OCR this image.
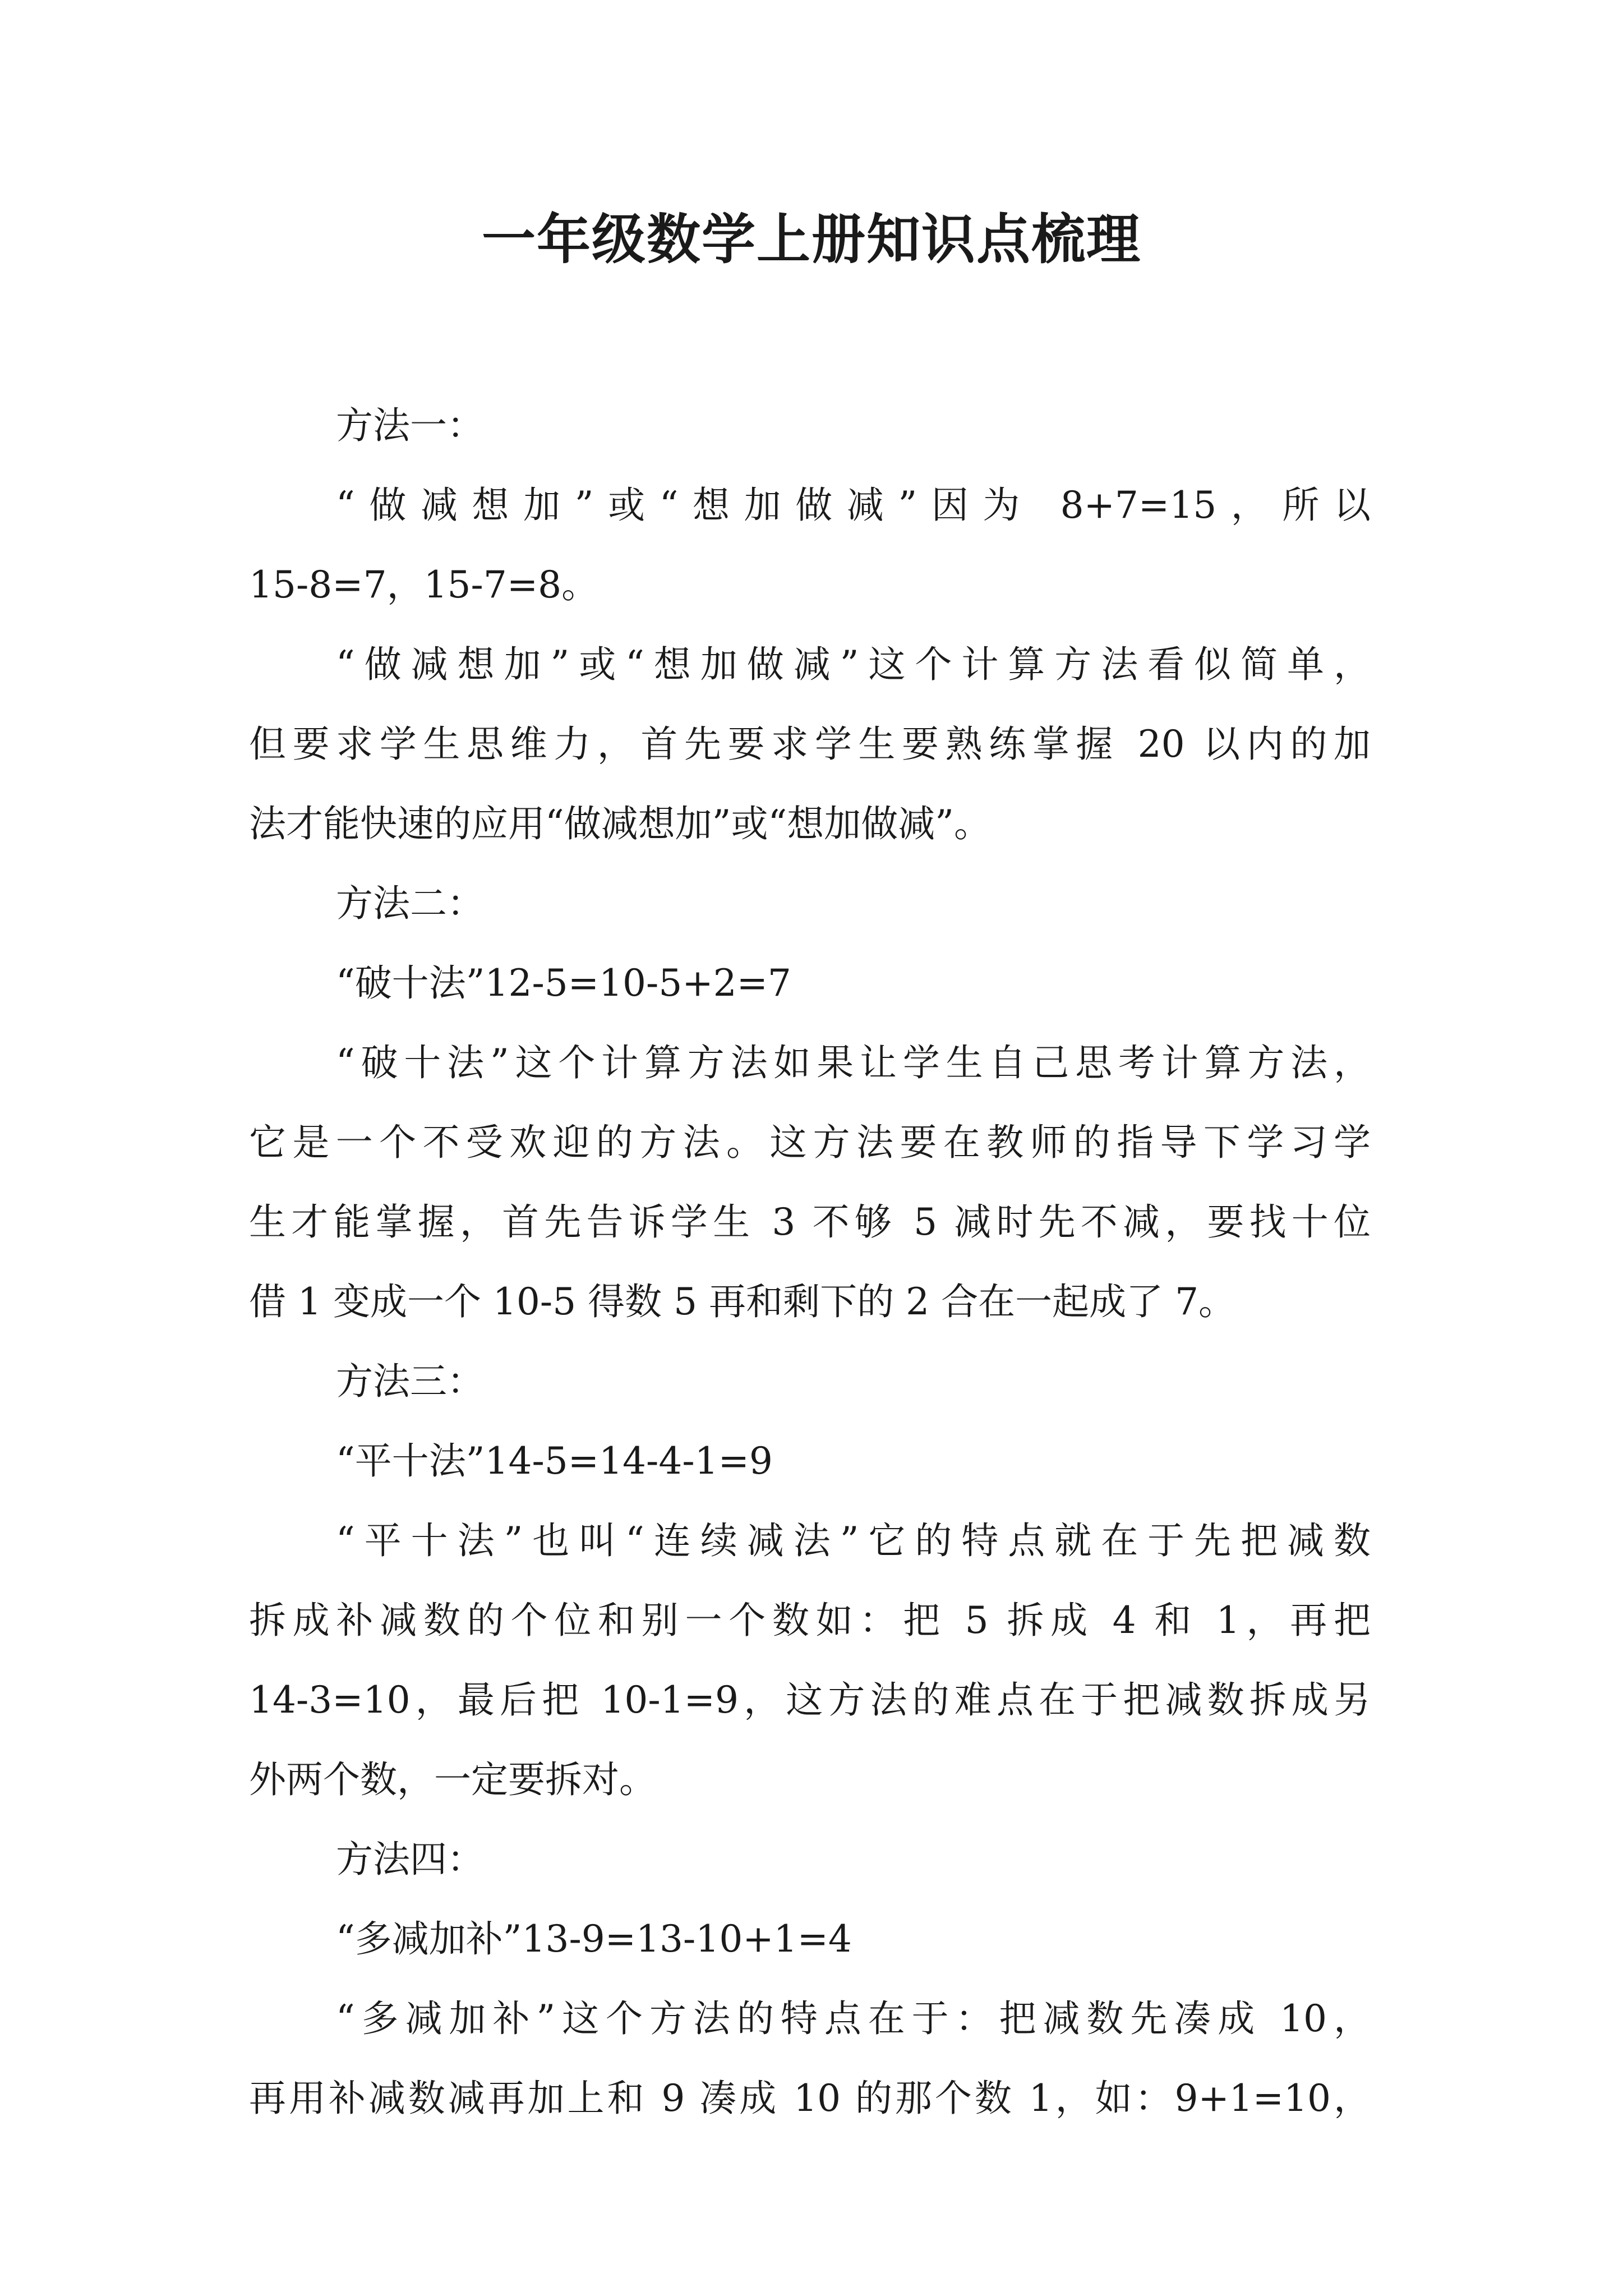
一年级数学上册知识点梳理
方法一：
“做减想加”或“想加做减”因为 8+7=15，所以
15-8=7，15-7=8。
“做减想加”或“想加做减”这个计算方法看似简单，
但要求学生思维力，首先要求学生要熟练掌握 20 以内的加
法才能快速的应用“做减想加”或“想加做减”。
方法二：
“破十法”12-5=10-5+2=7
“破十法”这个计算方法如果让学生自己思考计算方法，
它是一个不受欢迎的方法。这方法要在教师的指导下学习学
生才能掌握，首先告诉学生 3 不够 5 减时先不减，要找十位
借 1 变成一个 10-5 得数 5 再和剩下的 2 合在一起成了 7。
方法三：
“平十法”14-5=14-4-1=9
“平十法”也叫“连续减法”它的特点就在于先把减数
拆成补减数的个位和别一个数如：把 5 拆成 4 和 1，再把
14-3=10，最后把 10-1=9，这方法的难点在于把减数拆成另
外两个数，一定要拆对。
方法四：
“多减加补”13-9=13-10+1=4
“多减加补”这个方法的特点在于：把减数先凑成 10，
再用补减数减再加上和 9 凑成 10 的那个数 1，如：9+1=10，
